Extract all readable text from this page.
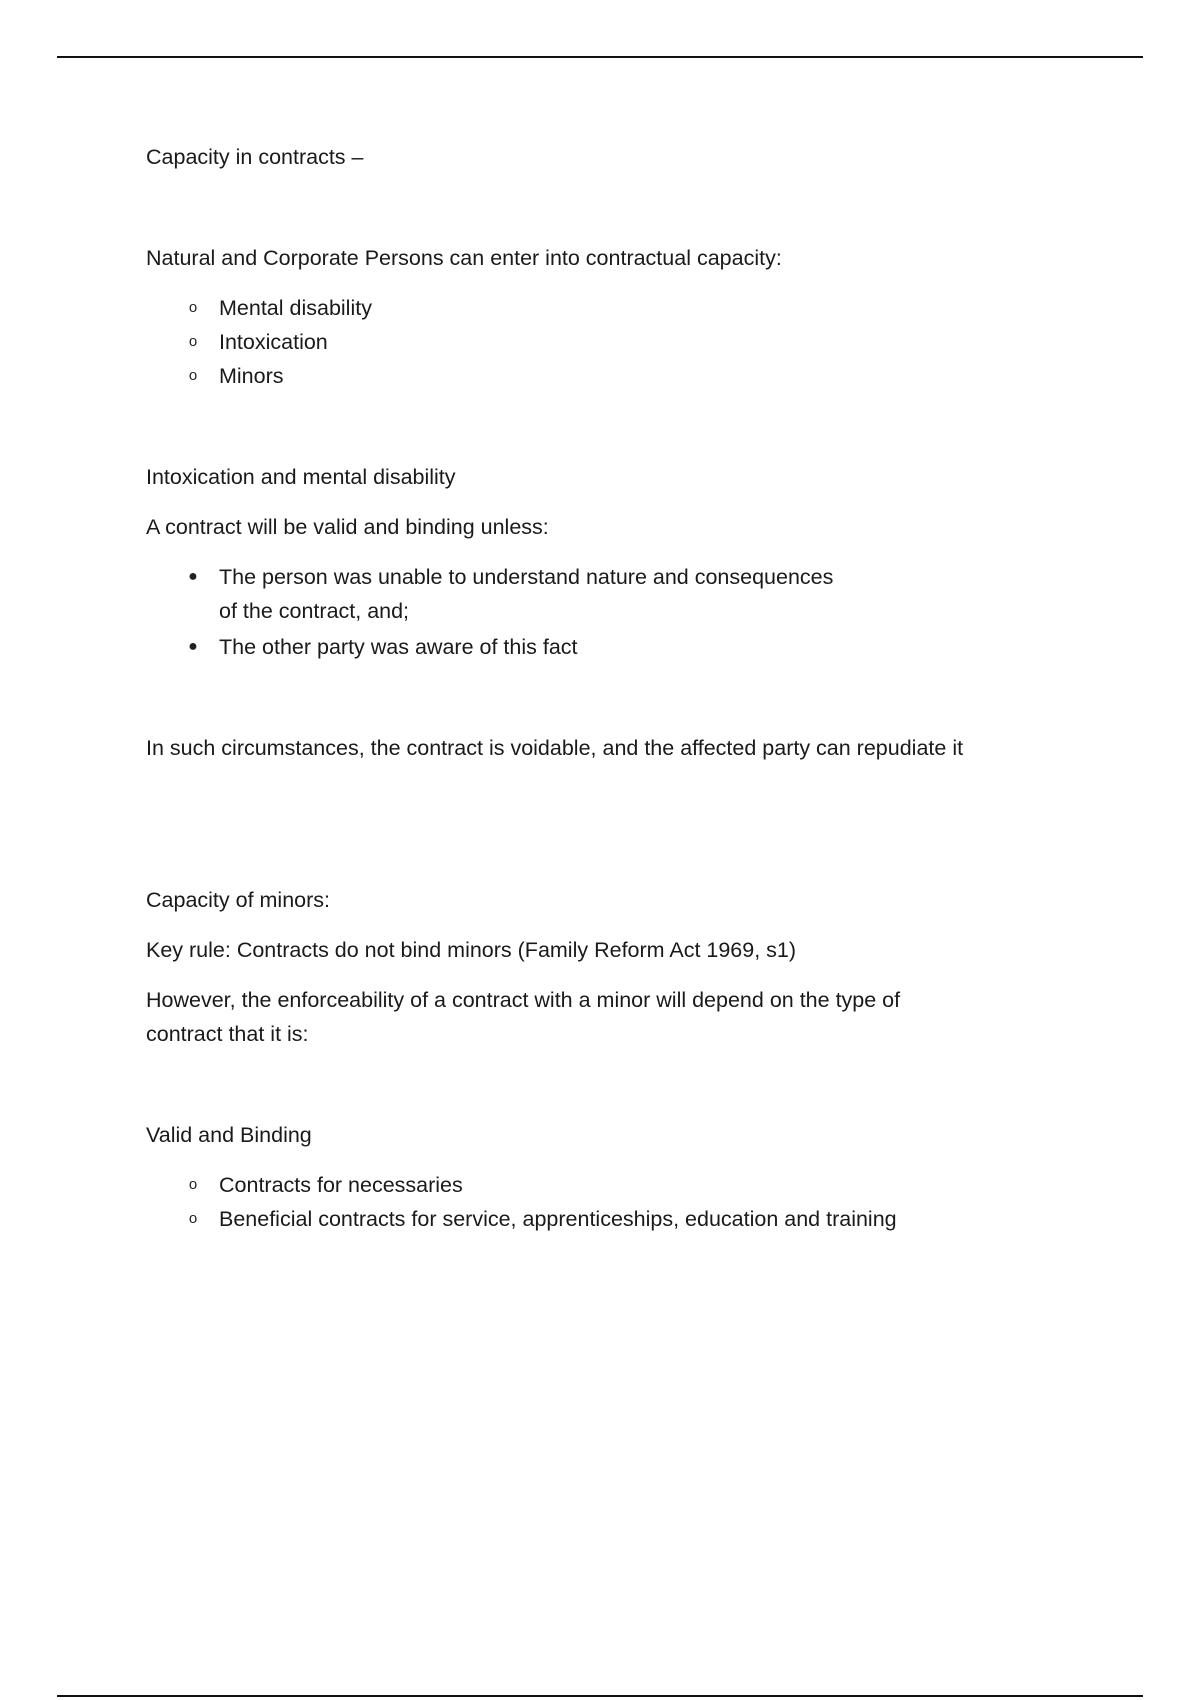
Capacity in contracts –

Natural and Corporate Persons can enter into contractual capacity:

o Mental disability
o Intoxication
o Minors

Intoxication and mental disability

A contract will be valid and binding unless:

● The person was unable to understand nature and consequences
of the contract, and;
● The other party was aware of this fact

In such circumstances, the contract is voidable, and the affected party can repudiate it

Capacity of minors:

Key rule: Contracts do not bind minors (Family Reform Act 1969, s1)

However, the enforceability of a contract with a minor will depend on the type of contract that it is:

Valid and Binding

o Contracts for necessaries
o Beneficial contracts for service, apprenticeships, education and training
